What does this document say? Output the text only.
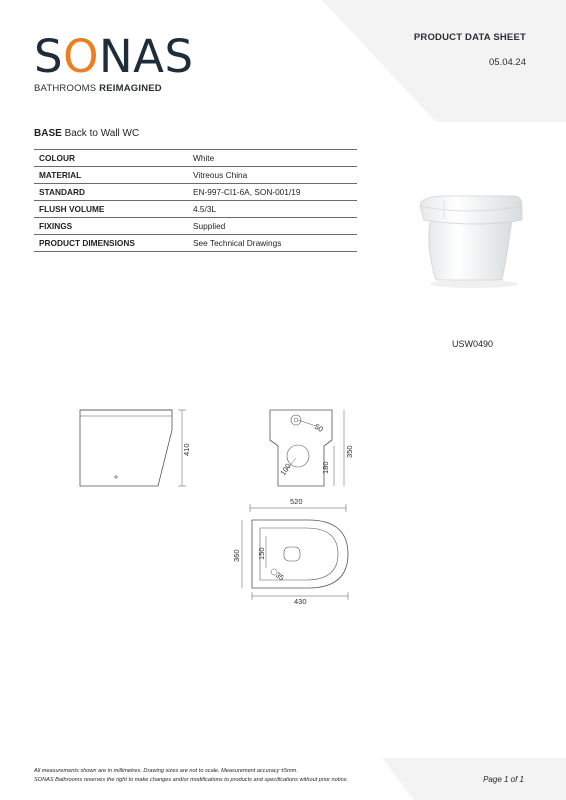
SONAS
BATHROOMS REIMAGINED
PRODUCT DATA SHEET
05.04.24
BASE Back to Wall WC
COLOUR	White
MATERIAL	Vitreous China
STANDARD	EN-997-CI1-6A, SON-001/19
FLUSH VOLUME	4.5/3L
FIXINGS	Supplied
PRODUCT DIMENSIONS	See Technical Drawings
USW0490
410
50
100	180
350
520
360 150
35
430
All measurements shown are in millimetres. Drawing sizes are not to scale. Measurement accuracy ±5mm.
SONAS Bathrooms reserves the right to make changes and/or modifications to products and specifications without prior notice.	Page 1 of 1
